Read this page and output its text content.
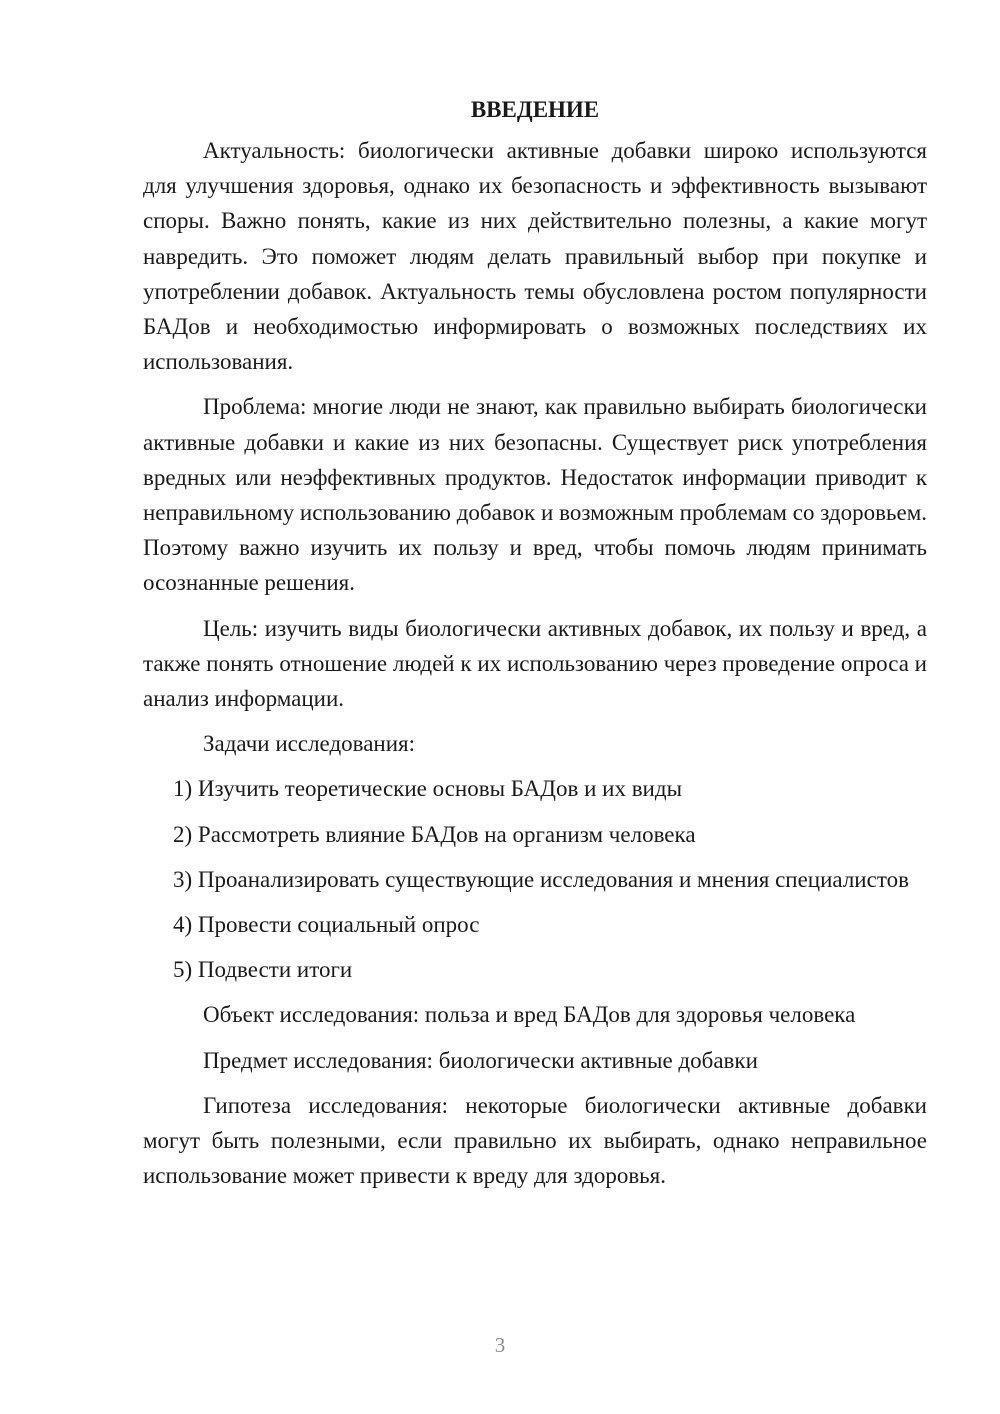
ВВЕДЕНИЕ

Актуальность: биологически активные добавки широко используются для улучшения здоровья, однако их безопасность и эффективность вызывают споры. Важно понять, какие из них действительно полезны, а какие могут навредить. Это поможет людям делать правильный выбор при покупке и употреблении добавок. Актуальность темы обусловлена ростом популярности БАДов и необходимостью информировать о возможных последствиях их использования.

Проблема: многие люди не знают, как правильно выбирать биологически активные добавки и какие из них безопасны. Существует риск употребления вредных или неэффективных продуктов. Недостаток информации приводит к неправильному использованию добавок и возможным проблемам со здоровьем. Поэтому важно изучить их пользу и вред, чтобы помочь людям принимать осознанные решения.

Цель: изучить виды биологически активных добавок, их пользу и вред, а также понять отношение людей к их использованию через проведение опроса и анализ информации.

Задачи исследования:

1) Изучить теоретические основы БАДов и их виды
2) Рассмотреть влияние БАДов на организм человека
3) Проанализировать существующие исследования и мнения специалистов
4) Провести социальный опрос
5) Подвести итоги

Объект исследования: польза и вред БАДов для здоровья человека

Предмет исследования: биологически активные добавки

Гипотеза исследования: некоторые биологически активные добавки могут быть полезными, если правильно их выбирать, однако неправильное использование может привести к вреду для здоровья.

3
